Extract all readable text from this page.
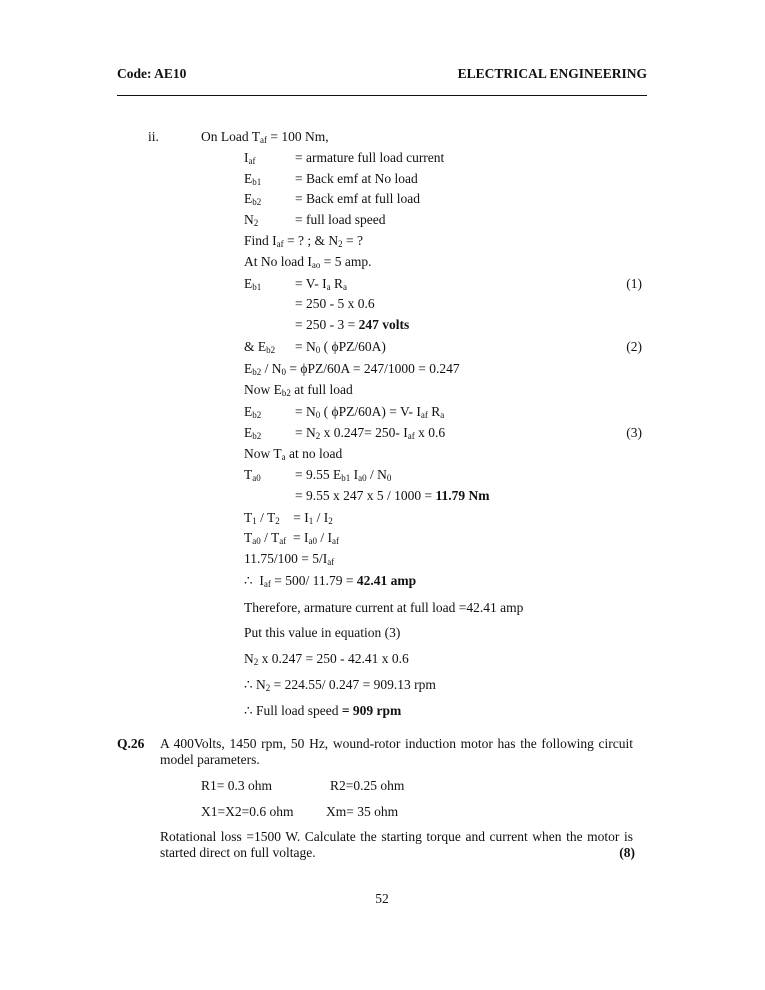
Code: AE10	ELECTRICAL ENGINEERING
ii.	On Load $T_{af} = 100$ Nm,
$I_{af}$	= armature full load current
$E_{b1}$	= Back emf at No load
$E_{b2}$	= Back emf at full load
$N_2$	= full load speed
Find $I_{af}$ = ? ; & $N_2$ = ?
At No load $I_{ao} = 5$ amp.
$E_{b1}$	= V- $I_a$ $R_a$	(1)
= 250 - 5 x 0.6
= 250 - 3 = 247 volts
& $E_{b2} = N_0$ ( ϕPZ/60A)	(2)
$E_{b2} / N_0 = \phi PZ/60A = 247/1000 = 0.247$
Now $E_{b2}$ at full load
$E_{b2}$	= $N_0$ ( ϕPZ/60A) = V- $I_{af}$ $R_a$
$E_{b2}$	= $N_2$ x 0.247= 250- $I_{af}$ x 0.6	(3)
Now $T_a$ at no load
$T_{a0}$	= 9.55 $E_{b1}$ $I_{a0} / N_0$
= 9.55 x 247 x 5 / 1000 = 11.79 Nm
$T_1 / T_2$    = $I_1 / I_2$
$T_{a0} / T_{af} = I_{a0} / I_{af}$
$11.75/100 = 5/I_{af}$
∴  $I_{af} = 500/$ 11.79 = 42.41 amp
Therefore, armature current at full load =42.41 amp
Put this value in equation (3)
$N_2$ x 0.247 = 250 - 42.41 x 0.6
∴ $N_2 = 224.55/$ 0.247 = 909.13 rpm
∴ Full load speed = 909 rpm
Q.26 A 400Volts, 1450 rpm, 50 Hz, wound-rotor induction motor has the following circuit model parameters.
R1= 0.3 ohm	R2=0.25 ohm
X1=X2=0.6 ohm Xm= 35 ohm
Rotational loss =1500 W. Calculate the starting torque and current when the motor is started direct on full voltage.	(8)
52
